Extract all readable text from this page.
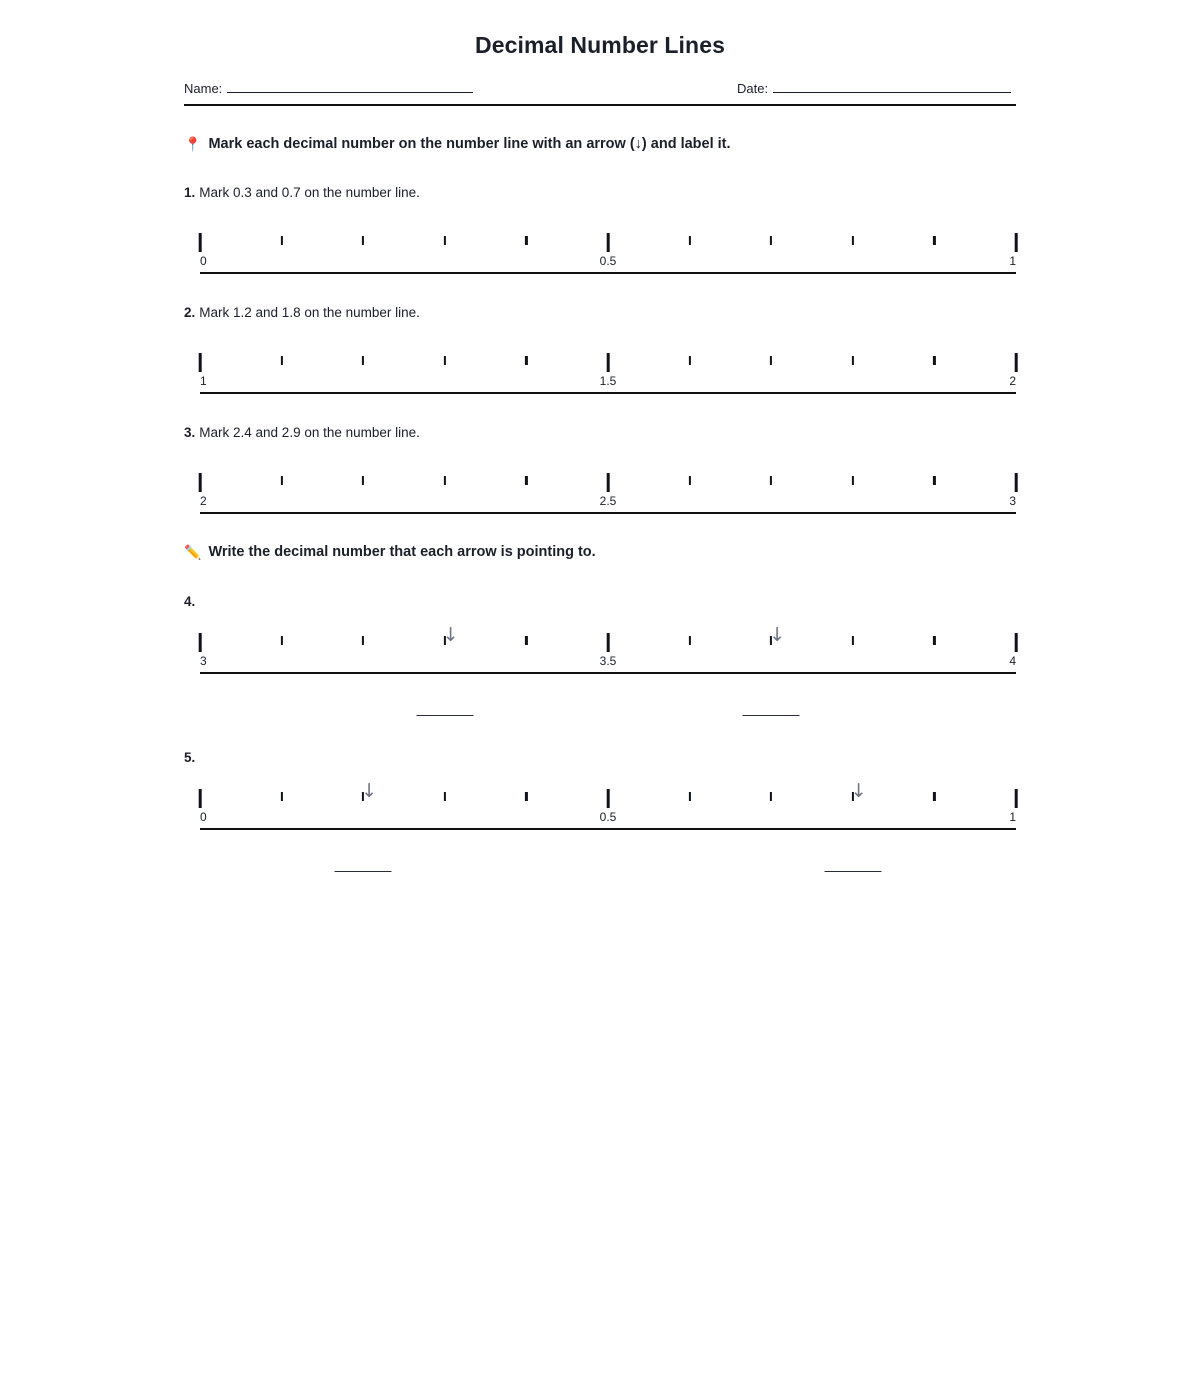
Decimal Number Lines
Name:	Date:
📍 Mark each decimal number on the number line with an arrow (↓) and label it.
✏️ Write the decimal number that each arrow is pointing to.
1. Mark 0.3 and 0.7 on the number line.
0	0.5	1
2. Mark 1.2 and 1.8 on the number line.
1	1.5	2
3. Mark 2.4 and 2.9 on the number line.
2	2.5	3
4.
↓	↓
3	3.5	4
5.
↓	↓
0	0.5	1
